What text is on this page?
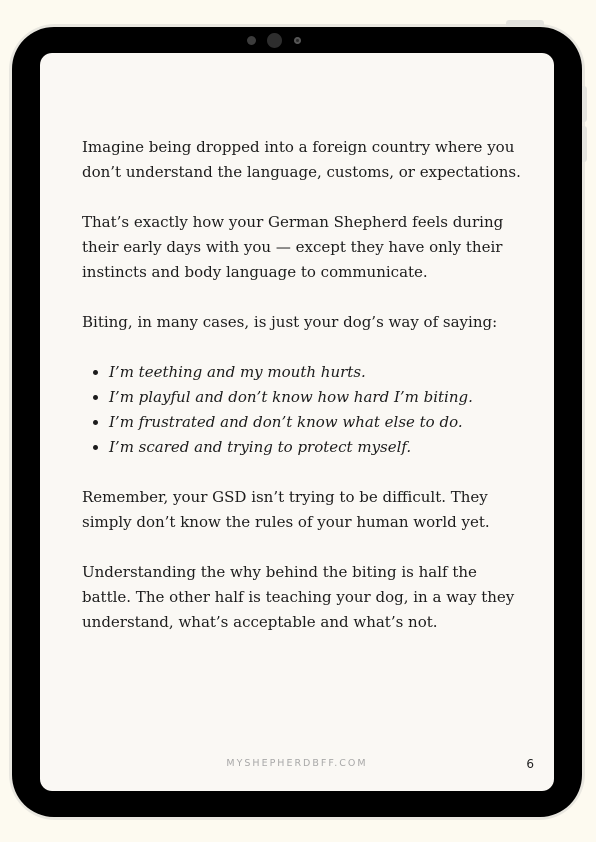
Imagine being dropped into a foreign country where you don’t understand the language, customs, or expectations.

That’s exactly how your German Shepherd feels during their early days with you — except they have only their instincts and body language to communicate.

Biting, in many cases, is just your dog’s way of saying:

• I’m teething and my mouth hurts.
• I’m playful and don’t know how hard I’m biting.
• I’m frustrated and don’t know what else to do.
• I’m scared and trying to protect myself.

Remember, your GSD isn’t trying to be difficult. They simply don’t know the rules of your human world yet.

Understanding the why behind the biting is half the battle. The other half is teaching your dog, in a way they understand, what’s acceptable and what’s not.

MYSHEPHERDBFF.COM	6
